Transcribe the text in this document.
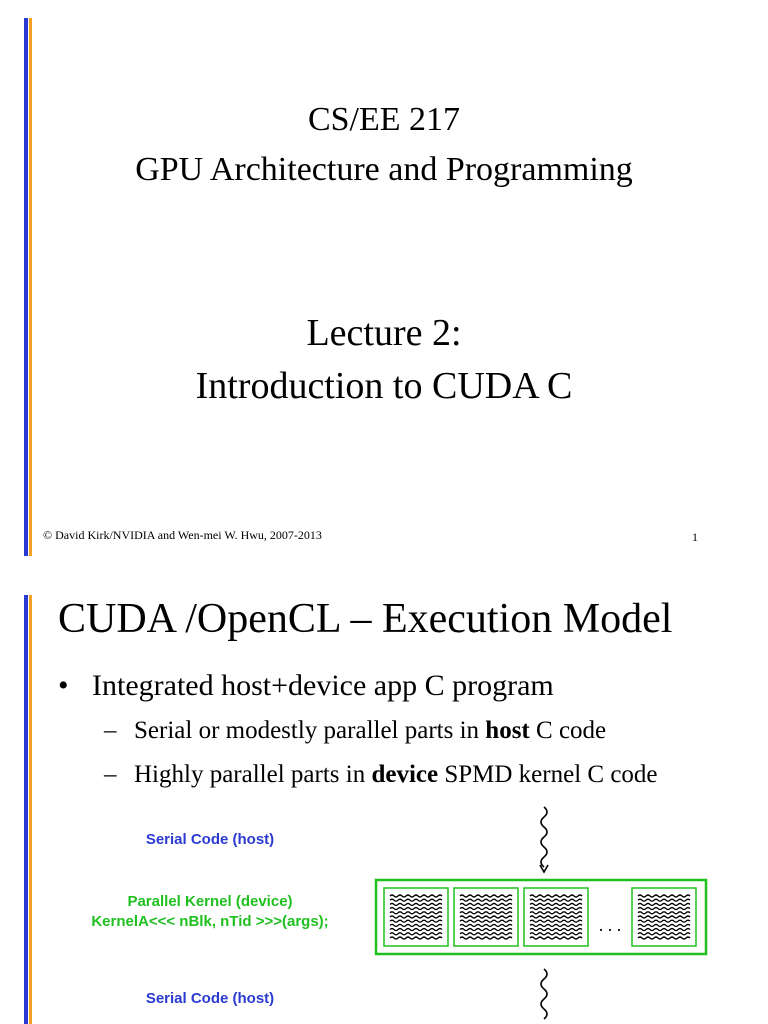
CS/EE 217
GPU Architecture and Programming
Lecture 2:
Introduction to CUDA C
© David Kirk/NVIDIA and Wen-mei W. Hwu, 2007-2013	1
CUDA /OpenCL – Execution Model
• Integrated host+device app C program
– Serial or modestly parallel parts in host C code
– Highly parallel parts in device SPMD kernel C code
Serial Code (host)
Parallel Kernel (device)
KernelA<<< nBlk, nTid >>>(args);
Serial Code (host)
. . .
